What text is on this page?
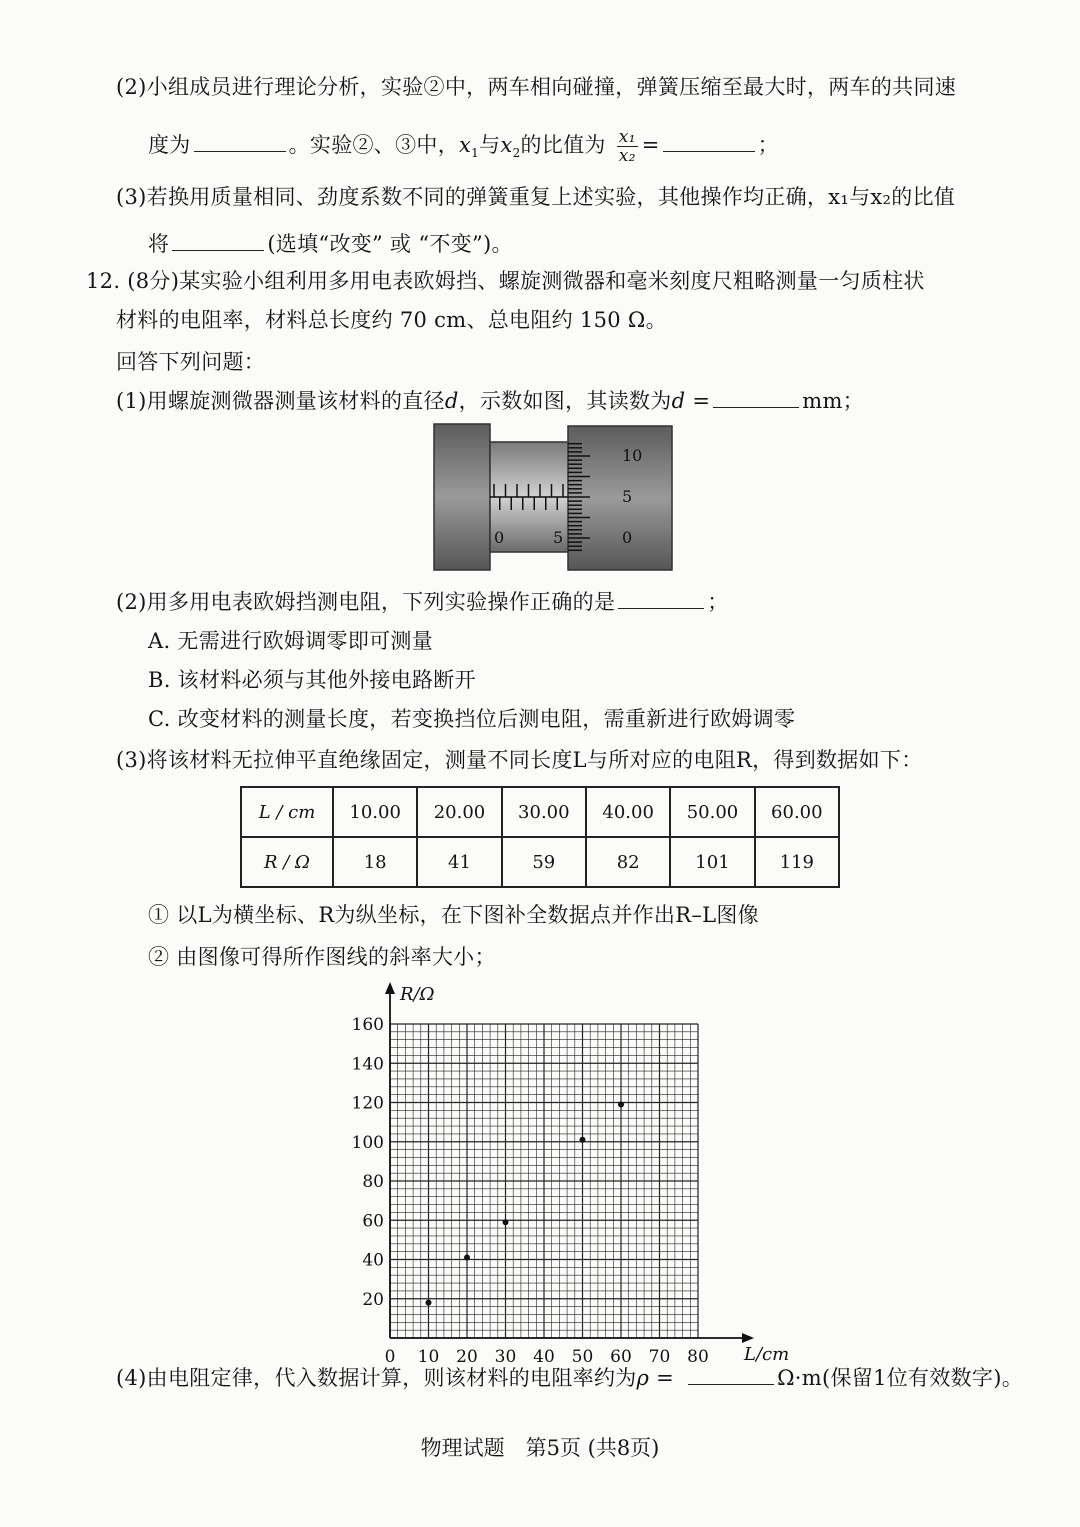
(2)小组成员进行理论分析，实验②中，两车相向碰撞，弹簧压缩至最大时，两车的共同速
度为	。实验②、③中，$x_1$与$x_2$的比值为 $\frac{\text{x₁}}{\text{x₂}}$ =	；
(3)若换用质量相同、劲度系数不同的弹簧重复上述实验，其他操作均正确，x₁与x₂的比值
将	(选填“改变” 或 “不变”)。
12. (8分)某实验小组利用多用电表欧姆挡、螺旋测微器和毫米刻度尺粗略测量一匀质柱状
材料的电阻率，材料总长度约 70 cm、总电阻约 150 Ω。
回答下列问题：
(1)用螺旋测微器测量该材料的直径d，示数如图，其读数为d =	mm；
0	5
10
5
0
(2)用多用电表欧姆挡测电阻，下列实验操作正确的是	；
A. 无需进行欧姆调零即可测量
B. 该材料必须与其他外接电路断开
C. 改变材料的测量长度，若变换挡位后测电阻，需重新进行欧姆调零
(3)将该材料无拉伸平直绝缘固定，测量不同长度L与所对应的电阻R，得到数据如下：
L / cm	10.00	20.00	30.00	40.00	50.00	60.00
R / Ω	18	41	59	82	101	119
① 以L为横坐标、R为纵坐标，在下图补全数据点并作出R–L图像
② 由图像可得所作图线的斜率大小；
0 10 20 30 40 50 60 70 80
20
40
60
80
100
120
140
160
R/Ω
L/cm
(4)由电阻定律，代入数据计算，则该材料的电阻率约为ρ =	Ω·m(保留1位有效数字)。
物理试题　第5页 (共8页)
